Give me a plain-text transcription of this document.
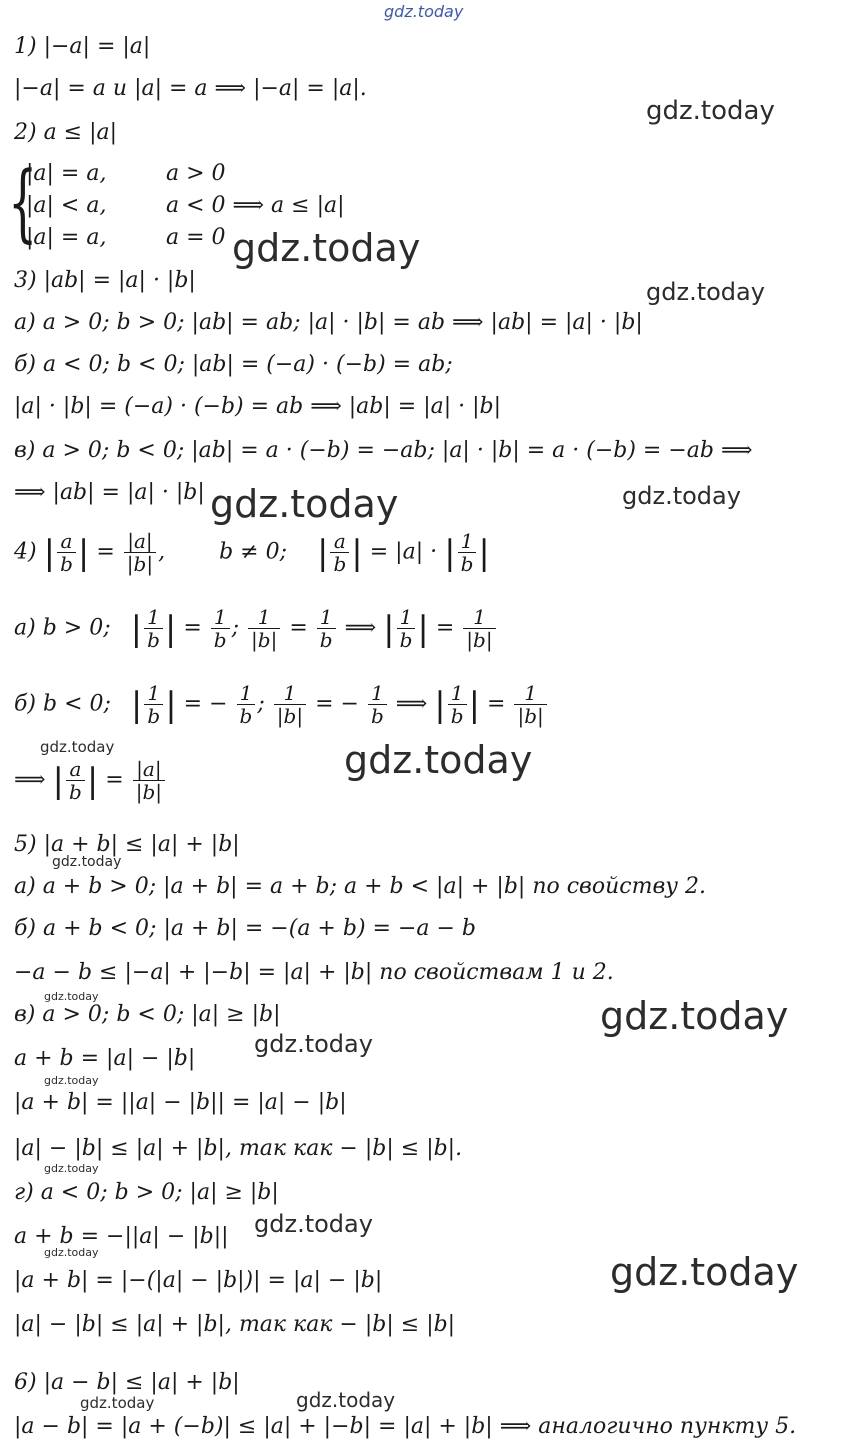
gdz.today
1) |−a| = |a|
|−a| = a и |a| = a ⟹ |−a| = |a|.
2) a ≤ |a|
{
|a| = a,	a > 0
|a| < a,	a < 0 ⟹ a ≤ |a|
|a| = a,	a = 0
3) |ab| = |a| · |b|
а) a > 0; b > 0; |ab| = ab; |a| · |b| = ab ⟹ |ab| = |a| · |b|
б) a < 0; b < 0; |ab| = (−a) · (−b) = ab;
|a| · |b| = (−a) · (−b) = ab ⟹ |ab| = |a| · |b|
в) a > 0; b < 0; |ab| = a · (−b) = −ab; |a| · |b| = a · (−b) = −ab ⟹
⟹ |ab| = |a| · |b|
4) | $\frac{a}{b}$ | = $\frac{|a|}{|b|}$ , b ≠ 0; | $\frac{a}{b}$ | = |a| · | $\frac{1}{b}$ |
а) b > 0; | $\frac{1}{b}$ | = $\frac{1}{b}$ ; $\frac{1}{|b|} = \frac{1}{b}$ ⟹ | $\frac{1}{b}$ | = $\frac{1}{|b|}$
б) b < 0; | $\frac{1}{b}$ | = − $\frac{1}{b}$ ; $\frac{1}{|b|}$ = − $\frac{1}{b}$ ⟹ | $\frac{1}{b}$ | = $\frac{1}{|b|}$
⟹ | $\frac{a}{b}$ | = $\frac{|a|}{|b|}$
5) |a + b| ≤ |a| + |b|
а) a + b > 0; |a + b| = a + b; a + b < |a| + |b| по свойству 2.
б) a + b < 0; |a + b| = −(a + b) = −a − b
−a − b ≤ |−a| + |−b| = |a| + |b| по свойствам 1 и 2.
в) a > 0; b < 0; |a| ≥ |b|
a + b = |a| − |b|
|a + b| = ||a| − |b|| = |a| − |b|
|a| − |b| ≤ |a| + |b|, так как − |b| ≤ |b|.
г) a < 0; b > 0; |a| ≥ |b|
a + b = −||a| − |b||
|a + b| = |−(|a| − |b|)| = |a| − |b|
|a| − |b| ≤ |a| + |b|, так как − |b| ≤ |b|
6) |a − b| ≤ |a| + |b|
|a − b| = |a + (−b)| ≤ |a| + |−b| = |a| + |b| ⟹ аналогично пункту 5.
gdz.today
gdz.today
gdz.today
gdz.today	gdz.today
gdz.today	gdz.today
gdz.today
gdz.today	gdz.today
gdz.today
gdz.today
gdz.today
gdz.today
gdz.today	gdz.today
gdz.today	gdz.today
